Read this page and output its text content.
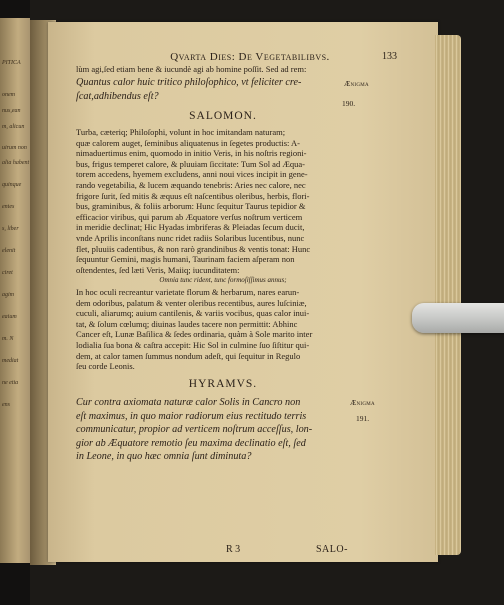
PITICA
onem
nus,ean
m, alicun
uirum non
alia habent
quinque
entes
s, liber
elenit
ciret
agim
eaium
m. N
mediat
ne etia
ens
Qvarta Dies: De Vegetabilibvs.	133
lùm agi,ſed etiam bene & iucundè agi ab homine poſſit. Sed ad rem:
Quantus calor huic tritico philoſophico, vt feliciter cre-
ſcat,adhibendus eſt?
Ænigma
190.
SALOMON.
Turba, cæteriq; Philoſophi, volunt in hoc imitandam naturam;
quæ calorem auget, ſeminibus aliquatenus in ſegetes productis: A-
nimaduertimus enim, quomodo in initio Veris, in his noſtris regioni-
bus, frigus temperet calore, & pluuiam ſiccitate: Tum Sol ad Æqua-
torem accedens, hyemem excludens, anni noui vices incipit in gene-
rando vegetabilia, & lucem æquando tenebris: Aries nec calore, nec
frigore ſurit, ſed mitis & æquus eſt naſcentibus oleribus, herbis, flori-
bus, graminibus, & foliis arborum: Hunc ſequitur Taurus tepidior &
efficacior viribus, qui parum ab Æquatore verſus noſtrum verticem
in meridie declinat; Hic Hyadas imbriferas & Pleiadas ſecum ducit,
vnde Aprilis inconſtans nunc ridet radiis Solaribus lucentibus, nunc
flet, pluuiis cadentibus, & non rarò grandinibus & ventis tonat: Hunc
ſequuntur Gemini, magis humani, Taurinam faciem aſperam non
oſtendentes, ſed læti Veris, Maiiq; iucunditatem:
Omnia tunc rident, tunc formoſiſſimus annus;
In hoc oculi recreantur varietate florum & herbarum, nares earun-
dem odoribus, palatum & venter oleribus recentibus, aures luſciniæ,
cuculi, aliarumq; auium cantilenis, & variis vocibus, quas calor inui-
tat, & ſolum cœlumq; diuinas laudes tacere non permittit: Abhinc
Cancer eſt, Lunæ Baſilica & ſedes ordinaria, quàm à Sole marito inter
lodialia ſua bona & caſtra accepit: Hic Sol in culmine ſuo ſiſtitur qui-
dem, at calor tamen ſummus nondum adeſt, qui ſequitur in Regulo
ſeu corde Leonis.
HYRAMVS.
Cur contra axiomata naturæ calor Solis in Cancro non
eſt maximus, in quo maior radiorum eius rectitudo terris
communicatur, propior ad verticem noſtrum acceſſus, lon-
gior ab Æquatore remotio ſeu maxima declinatio eſt, ſed
in Leone, in quo hæc omnia ſunt diminuta?
Ænigma
191.
R 3	SALO-
